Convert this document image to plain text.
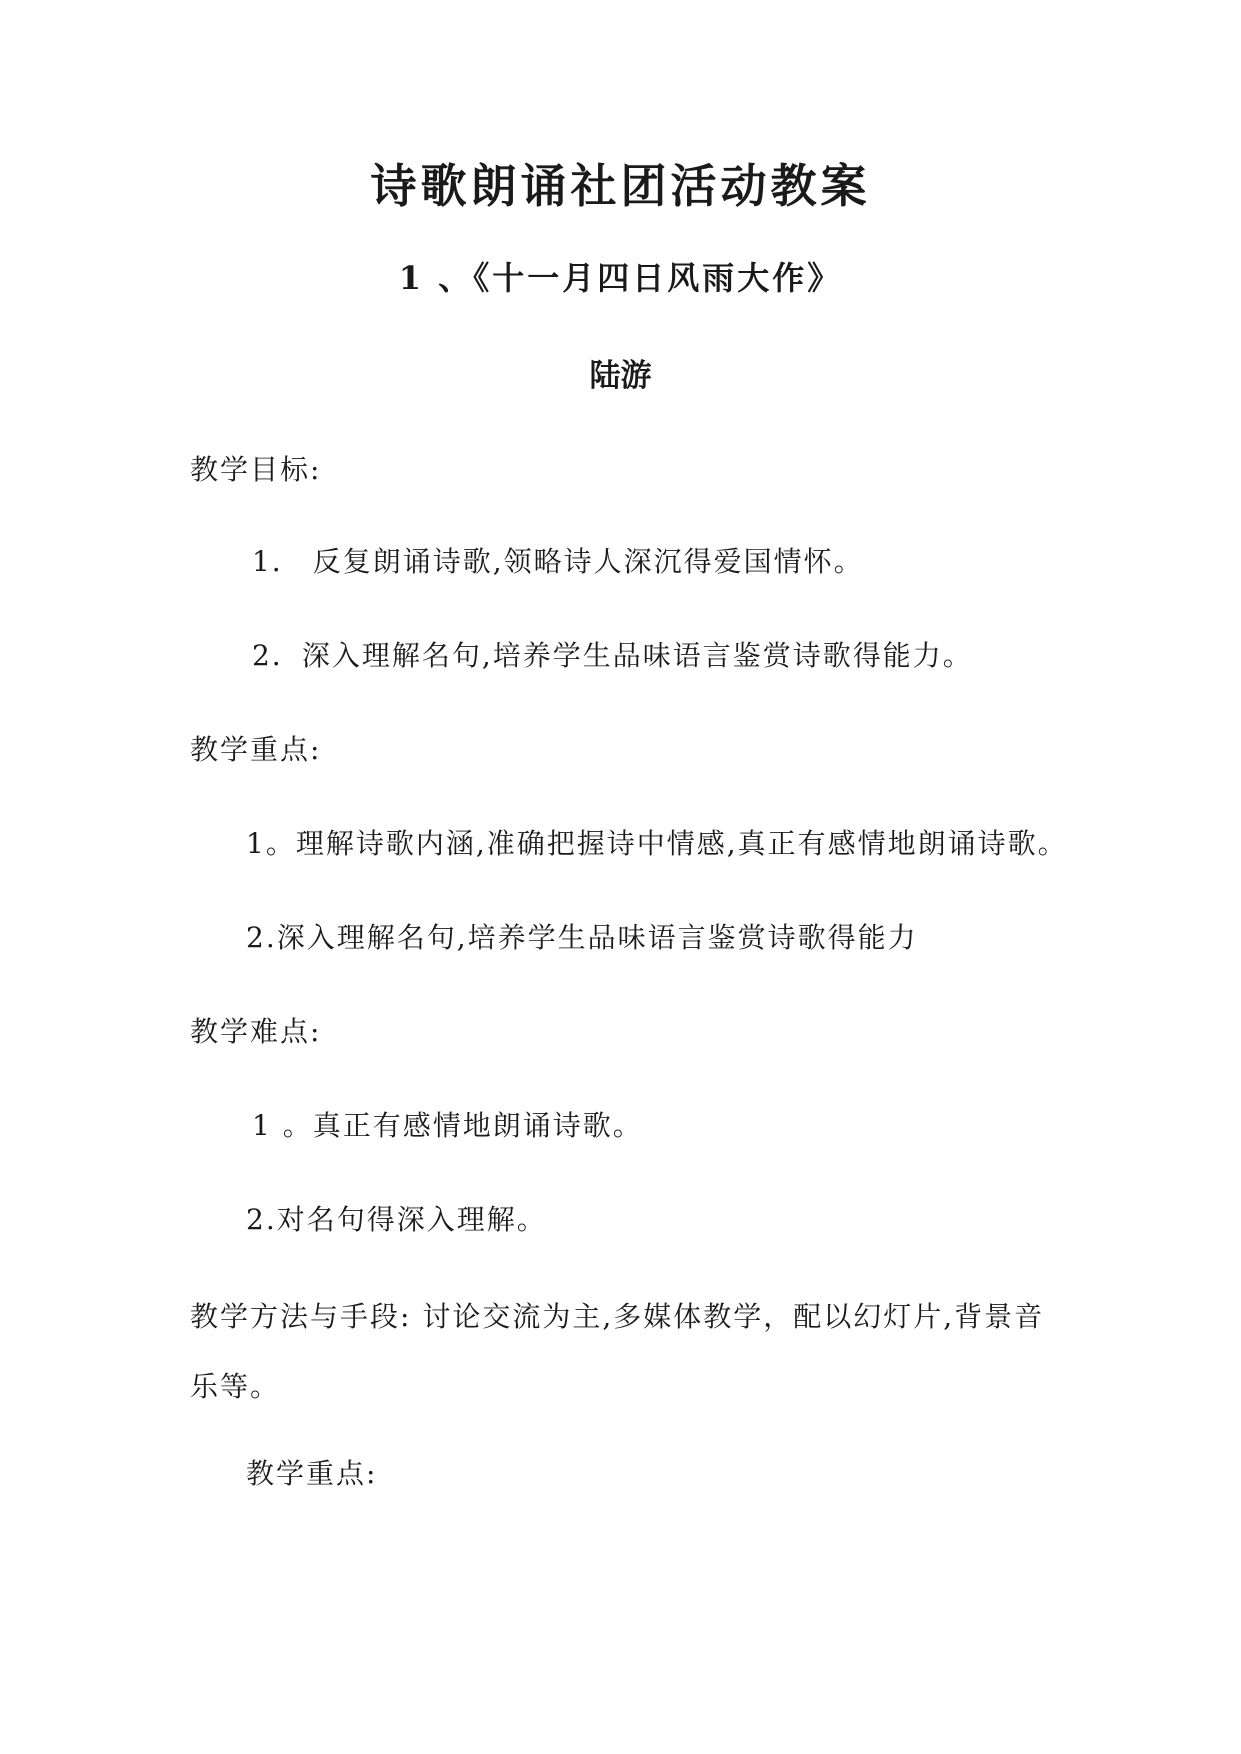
诗歌朗诵社团活动教案
1 、《十一月四日风雨大作》

陆游

教学目标:

1． 反复朗诵诗歌,领略诗人深沉得爱国情怀。

2．深入理解名句,培养学生品味语言鉴赏诗歌得能力。

教学重点:

1。理解诗歌内涵,准确把握诗中情感,真正有感情地朗诵诗歌。

2.深入理解名句,培养学生品味语言鉴赏诗歌得能力

教学难点:

1 。真正有感情地朗诵诗歌。

2.对名句得深入理解。

教学方法与手段: 讨论交流为主,多媒体教学，配以幻灯片,背景音乐等。

教学重点:
